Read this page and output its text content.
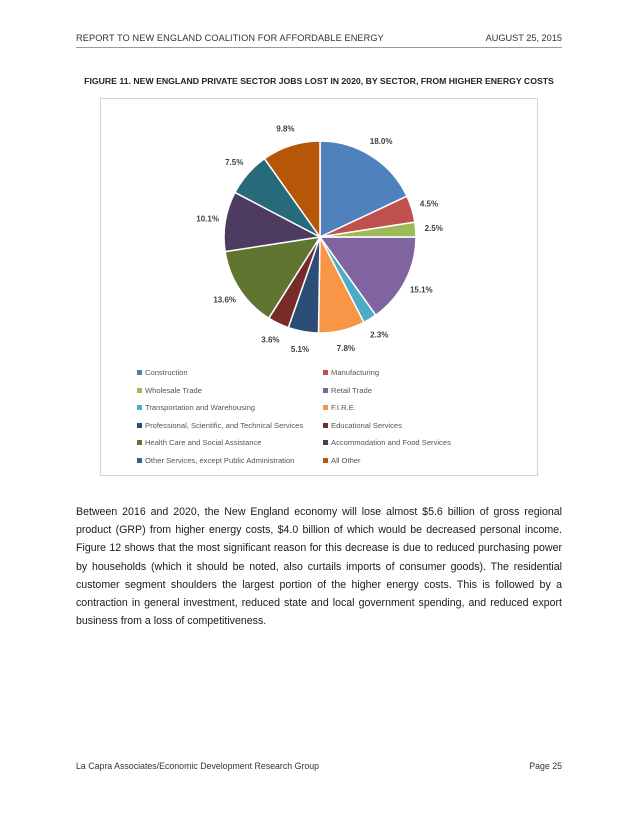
REPORT TO NEW ENGLAND COALITION FOR AFFORDABLE ENERGY	AUGUST 25, 2015
FIGURE 11. NEW ENGLAND PRIVATE SECTOR JOBS LOST IN 2020, BY SECTOR, FROM HIGHER ENERGY COSTS
18.0%
4.5%
2.5%
15.1%
2.3%
7.8%
5.1%
3.6%
13.6%
10.1%
7.5%
9.8%
Construction	Manufacturing
Wholesale Trade	Retail Trade
Transportation and Warehousing	F.I.R.E.
Professional, Scientific, and Technical Services	Educational Services
Health Care and Social Assistance	Accommodation and Food Services
Other Services, except Public Administration	All Other
Between 2016 and 2020, the New England economy will lose almost $5.6 billion of gross regional product (GRP) from higher energy costs, $4.0 billion of which would be decreased personal income. Figure 12 shows that the most significant reason for this decrease is due to reduced purchasing power by households (which it should be noted, also curtails imports of consumer goods). The residential customer segment shoulders the largest portion of the higher energy costs. This is followed by a contraction in general investment, reduced state and local government spending, and reduced export business from a loss of competitiveness.
La Capra Associates/Economic Development Research Group	Page 25
